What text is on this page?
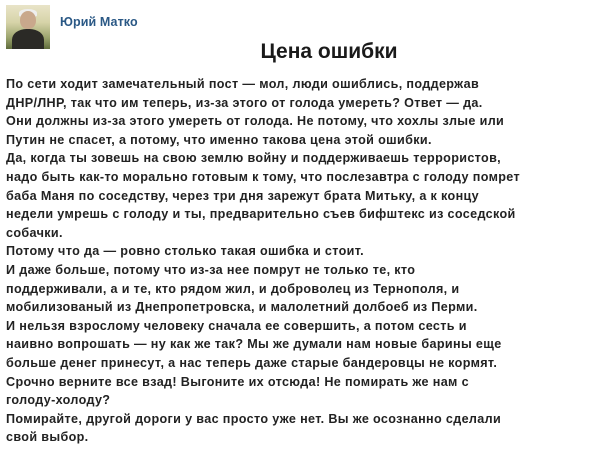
Юрий Матко
Цена ошибки
По сети ходит замечательный пост — мол, люди ошиблись, поддержав
ДНР/ЛНР, так что им теперь, из-за этого от голода умереть? Ответ — да.
Они должны из-за этого умереть от голода. Не потому, что хохлы злые или
Путин не спасет, а потому, что именно такова цена этой ошибки.
Да, когда ты зовешь на свою землю войну и поддерживаешь террористов,
надо быть как-то морально готовым к тому, что послезавтра с голоду помрет
баба Маня по соседству, через три дня зарежут брата Митьку, а к концу
недели умрешь с голоду и ты, предварительно съев бифштекс из соседской
собачки.
Потому что да — ровно столько такая ошибка и стоит.
И даже больше, потому что из-за нее помрут не только те, кто
поддерживали, а и те, кто рядом жил, и доброволец из Тернополя, и
мобилизованый из Днепропетровска, и малолетний долбоеб из Перми.
И нельзя взрослому человеку сначала ее совершить, а потом сесть и
наивно вопрошать — ну как же так? Мы же думали нам новые барины еще
больше денег принесут, а нас теперь даже старые бандеровцы не кормят.
Срочно верните все взад! Выгоните их отсюда! Не помирать же нам с
голоду-холоду?
Помирайте, другой дороги у вас просто уже нет. Вы же осознанно сделали
свой выбор.
